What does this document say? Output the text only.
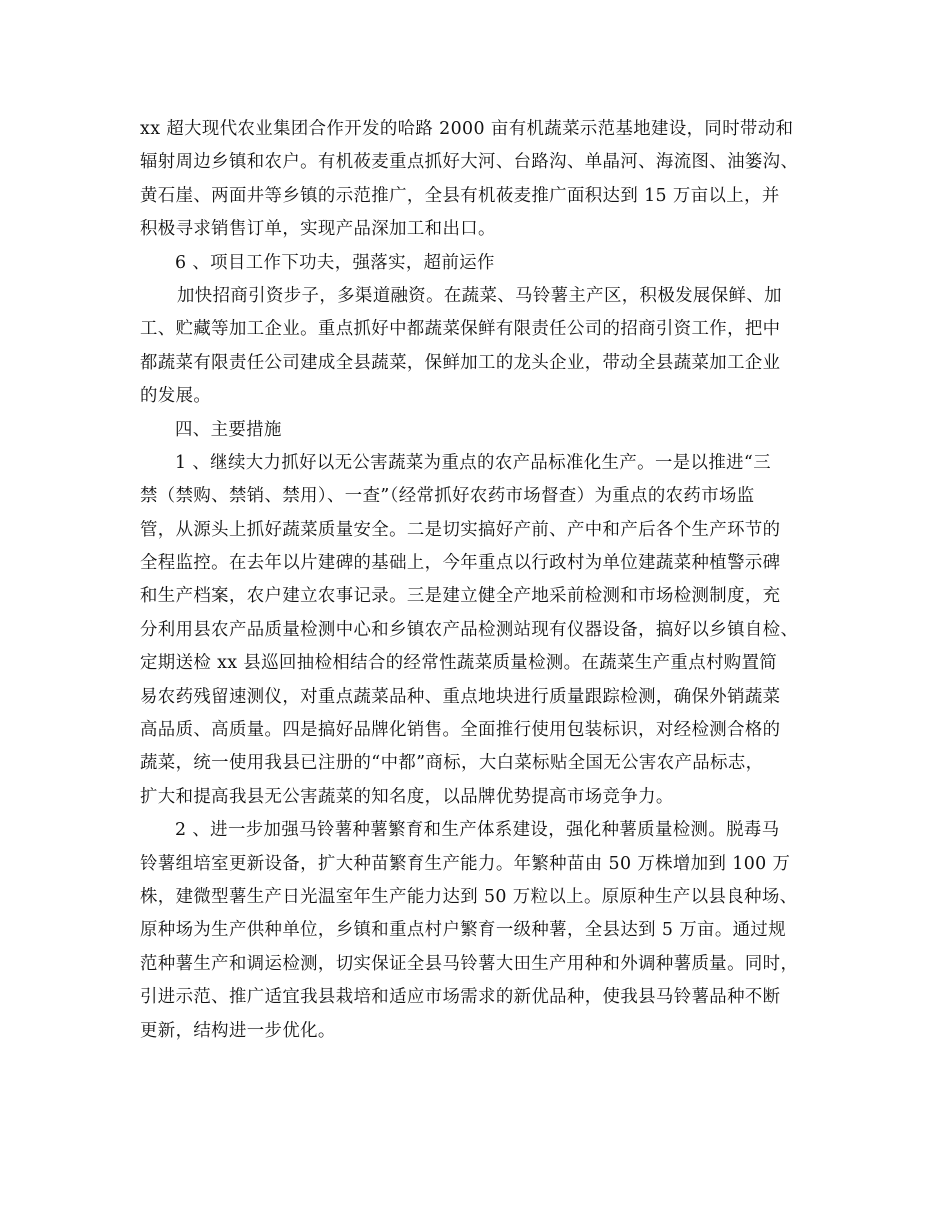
xx 超大现代农业集团合作开发的哈路 2000 亩有机蔬菜示范基地建设，同时带动和
辐射周边乡镇和农户。有机莜麦重点抓好大河、台路沟、单晶河、海流图、油篓沟、
黄石崖、两面井等乡镇的示范推广，全县有机莜麦推广面积达到 15 万亩以上，并
积极寻求销售订单，实现产品深加工和出口。
6 、项目工作下功夫，强落实，超前运作
加快招商引资步子，多渠道融资。在蔬菜、马铃薯主产区，积极发展保鲜、加
工、贮藏等加工企业。重点抓好中都蔬菜保鲜有限责任公司的招商引资工作，把中
都蔬菜有限责任公司建成全县蔬菜，保鲜加工的龙头企业，带动全县蔬菜加工企业
的发展。
四、主要措施
1 、继续大力抓好以无公害蔬菜为重点的农产品标准化生产。一是以推进“三
禁（禁购、禁销、禁用）、一查”（经常抓好农药市场督查）为重点的农药市场监
管，从源头上抓好蔬菜质量安全。二是切实搞好产前、产中和产后各个生产环节的
全程监控。在去年以片建碑的基础上，今年重点以行政村为单位建蔬菜种植警示碑
和生产档案，农户建立农事记录。三是建立健全产地采前检测和市场检测制度，充
分利用县农产品质量检测中心和乡镇农产品检测站现有仪器设备，搞好以乡镇自检、
定期送检 xx 县巡回抽检相结合的经常性蔬菜质量检测。在蔬菜生产重点村购置简
易农药残留速测仪，对重点蔬菜品种、重点地块进行质量跟踪检测，确保外销蔬菜
高品质、高质量。四是搞好品牌化销售。全面推行使用包装标识，对经检测合格的
蔬菜，统一使用我县已注册的“中都”商标，大白菜标贴全国无公害农产品标志，
扩大和提高我县无公害蔬菜的知名度，以品牌优势提高市场竞争力。
2 、进一步加强马铃薯种薯繁育和生产体系建设，强化种薯质量检测。脱毒马
铃薯组培室更新设备，扩大种苗繁育生产能力。年繁种苗由 50 万株增加到 100 万
株，建微型薯生产日光温室年生产能力达到 50 万粒以上。原原种生产以县良种场、
原种场为生产供种单位，乡镇和重点村户繁育一级种薯，全县达到 5 万亩。通过规
范种薯生产和调运检测，切实保证全县马铃薯大田生产用种和外调种薯质量。同时，
引进示范、推广适宜我县栽培和适应市场需求的新优品种，使我县马铃薯品种不断
更新，结构进一步优化。
